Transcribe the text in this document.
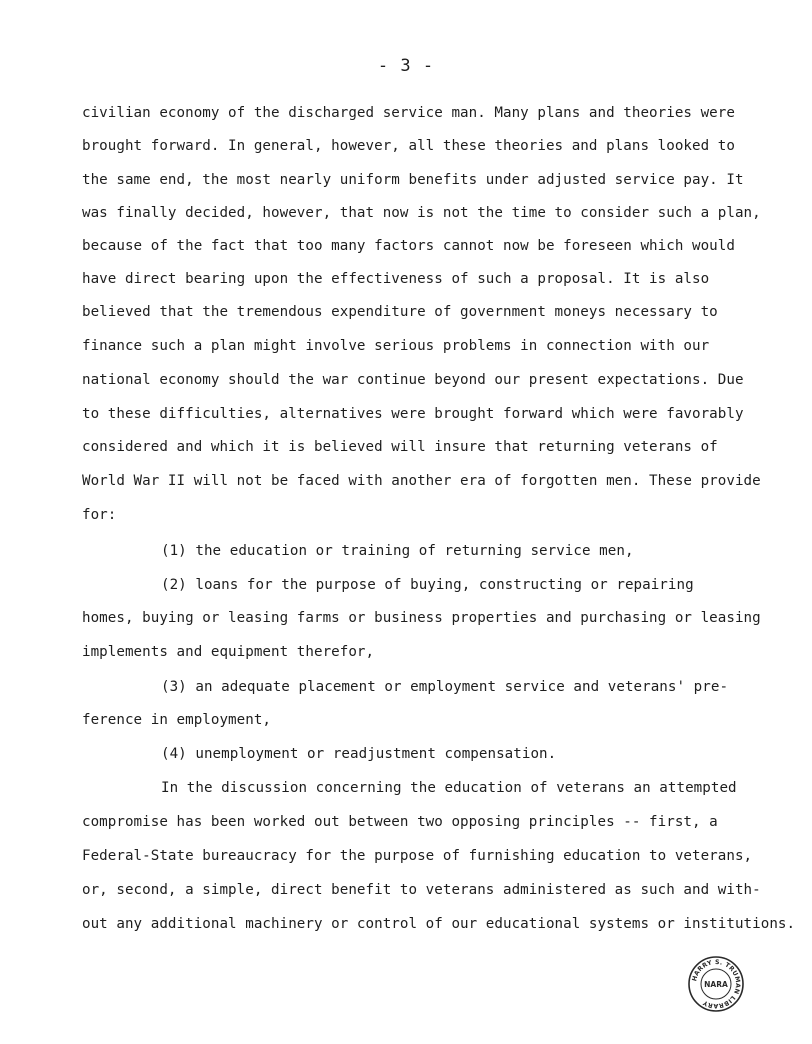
- 3 -
civilian economy of the discharged service man. Many plans and theories were
brought forward. In general, however, all these theories and plans looked to
the same end, the most nearly uniform benefits under adjusted service pay. It
was finally decided, however, that now is not the time to consider such a plan,
because of the fact that too many factors cannot now be foreseen which would
have direct bearing upon the effectiveness of such a proposal. It is also
believed that the tremendous expenditure of government moneys necessary to
finance such a plan might involve serious problems in connection with our
national economy should the war continue beyond our present expectations. Due
to these difficulties, alternatives were brought forward which were favorably
considered and which it is believed will insure that returning veterans of
World War II will not be faced with another era of forgotten men. These provide
for:
(1) the education or training of returning service men,
(2) loans for the purpose of buying, constructing or repairing
homes, buying or leasing farms or business properties and purchasing or leasing
implements and equipment therefor,
(3) an adequate placement or employment service and veterans' pre-
ference in employment,
(4) unemployment or readjustment compensation.
In the discussion concerning the education of veterans an attempted
compromise has been worked out between two opposing principles -- first, a
Federal-State bureaucracy for the purpose of furnishing education to veterans,
or, second, a simple, direct benefit to veterans administered as such and with-
out any additional machinery or control of our educational systems or institutions.
HARRY S. TRUMAN LIBRARY
NARA
